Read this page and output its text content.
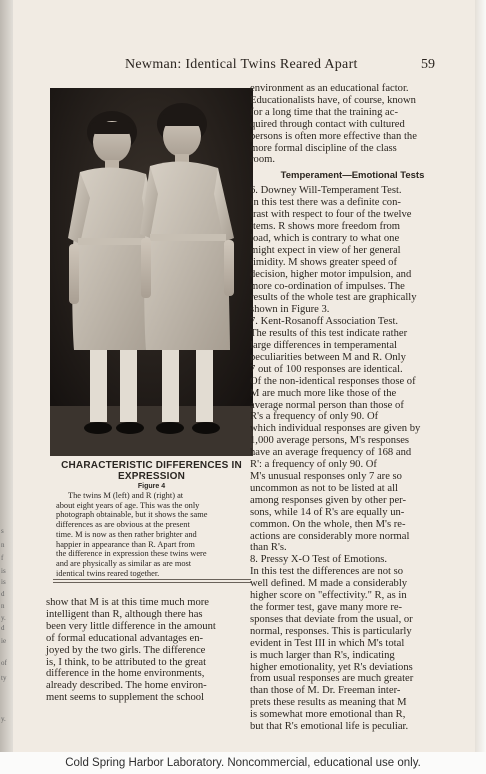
s
n
f
is
is
d
n
y.
d
ie
of
ty
y.
Newman: Identical Twins Reared Apart	59
CHARACTERISTIC DIFFERENCES IN
EXPRESSION
Figure 4
The twins M (left) and R (right) at
about eight years of age. This was the only
photograph obtainable, but it shows the same
differences as are obvious at the present
time. M is now as then rather brighter and
happier in appearance than R. Apart from
the difference in expression these twins were
and are physically as similar as are most
identical twins reared together.
show that M is at this time much more
intelligent than R, although there has
been very little difference in the amount
of formal educational advantages en-
joyed by the two girls. The difference
is, I think, to be attributed to the great
difference in the home environments,
already described. The home environ-
ment seems to supplement the school
environment as an educational factor.
Educationalists have, of course, known
for a long time that the training ac-
quired through contact with cultured
persons is often more effective than the
more formal discipline of the class
room.
Temperament—Emotional Tests
6. Downey Will-Temperament Test.
In this test there was a definite con-
trast with respect to four of the twelve
items. R shows more freedom from
load, which is contrary to what one
might expect in view of her general
timidity. M shows greater speed of
decision, higher motor impulsion, and
more co-ordination of impulses. The
results of the whole test are graphically
shown in Figure 3.
7. Kent-Rosanoff Association Test.
The results of this test indicate rather
large differences in temperamental
peculiarities between M and R. Only
7 out of 100 responses are identical.
Of the non-identical responses those of
M are much more like those of the
average normal person than those of
R's a frequency of only 90. Of
which individual responses are given by
1,000 average persons, M's responses
have an average frequency of 168 and
R': a frequency of only 90. Of
M's unusual responses only 7 are so
uncommon as not to be listed at all
among responses given by other per-
sons, while 14 of R's are equally un-
common. On the whole, then M's re-
actions are considerably more normal
than R's.
8. Pressy X-O Test of Emotions.
In this test the differences are not so
well defined. M made a considerably
higher score on "effectivity." R, as in
the former test, gave many more re-
sponses that deviate from the usual, or
normal, responses. This is particularly
evident in Test III in which M's total
is much larger than R's, indicating
higher emotionality, yet R's deviations
from usual responses are much greater
than those of M. Dr. Freeman inter-
prets these results as meaning that M
is somewhat more emotional than R,
but that R's emotional life is peculiar.
Cold Spring Harbor Laboratory. Noncommercial, educational use only.
